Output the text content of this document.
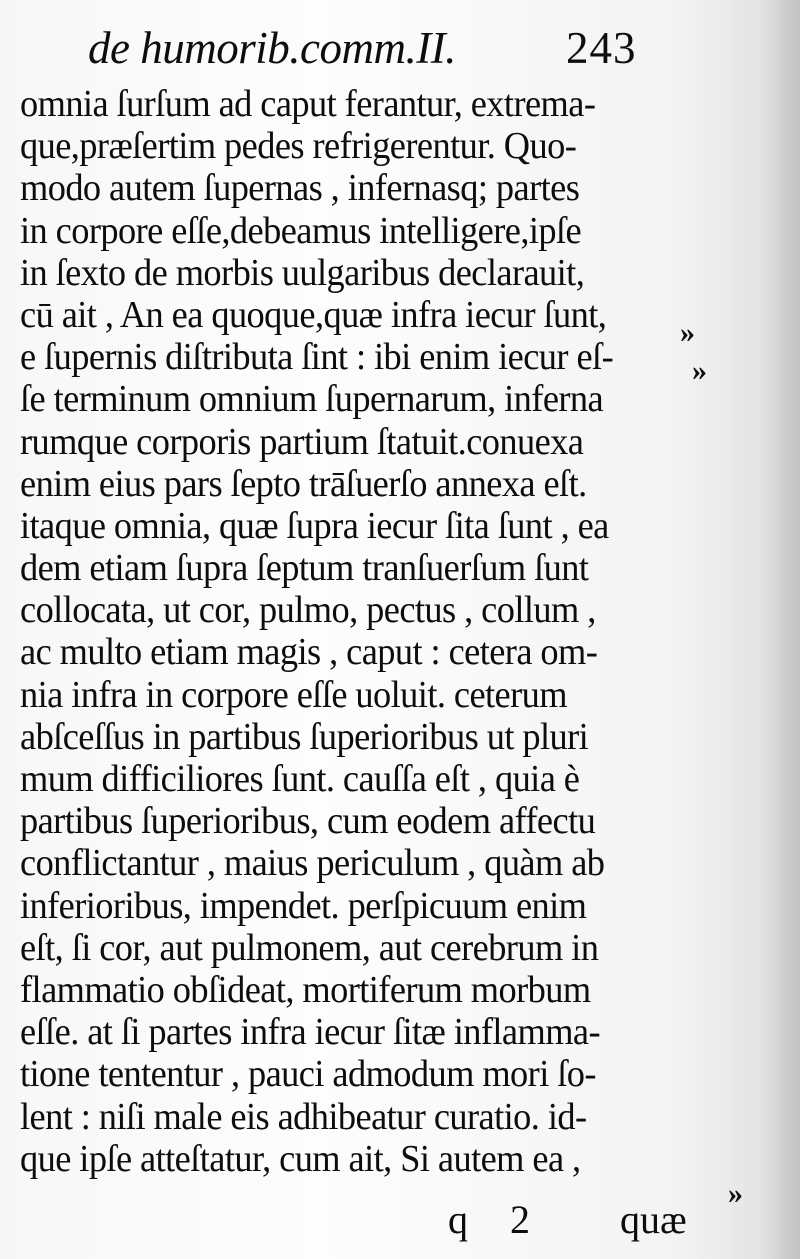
de humorib.comm.II. 243
omnia ſurſum ad caput ferantur, extrema-
que,præſertim pedes refrigerentur. Quo-
modo autem ſupernas , infernasq; partes
in corpore eſſe,debeamus intelligere,ipſe
in ſexto de morbis uulgaribus declarauit,
cū ait , An ea quoque,quæ infra iecur ſunt,
e ſupernis diſtributa ſint : ibi enim iecur eſ-
ſe terminum omnium ſupernarum, inferna
rumque corporis partium ſtatuit.conuexa
enim eius pars ſepto trāſuerſo annexa eſt.
itaque omnia, quæ ſupra iecur ſita ſunt , ea
dem etiam ſupra ſeptum tranſuerſum ſunt
collocata, ut cor, pulmo, pectus , collum ,
ac multo etiam magis , caput : cetera om-
nia infra in corpore eſſe uoluit. ceterum
abſceſſus in partibus ſuperioribus ut pluri
mum difficiliores ſunt. cauſſa eſt , quia è
partibus ſuperioribus, cum eodem affectu
conflictantur , maius periculum , quàm ab
inferioribus, impendet. perſpicuum enim
eſt, ſi cor, aut pulmonem, aut cerebrum in
flammatio obſideat, mortiferum morbum
eſſe. at ſi partes infra iecur ſitæ inflamma-
tione tententur , pauci admodum mori ſo-
lent : niſi male eis adhibeatur curatio. id-
que ipſe atteſtatur, cum ait, Si autem ea ,
»
»
»
q 2 quæ
